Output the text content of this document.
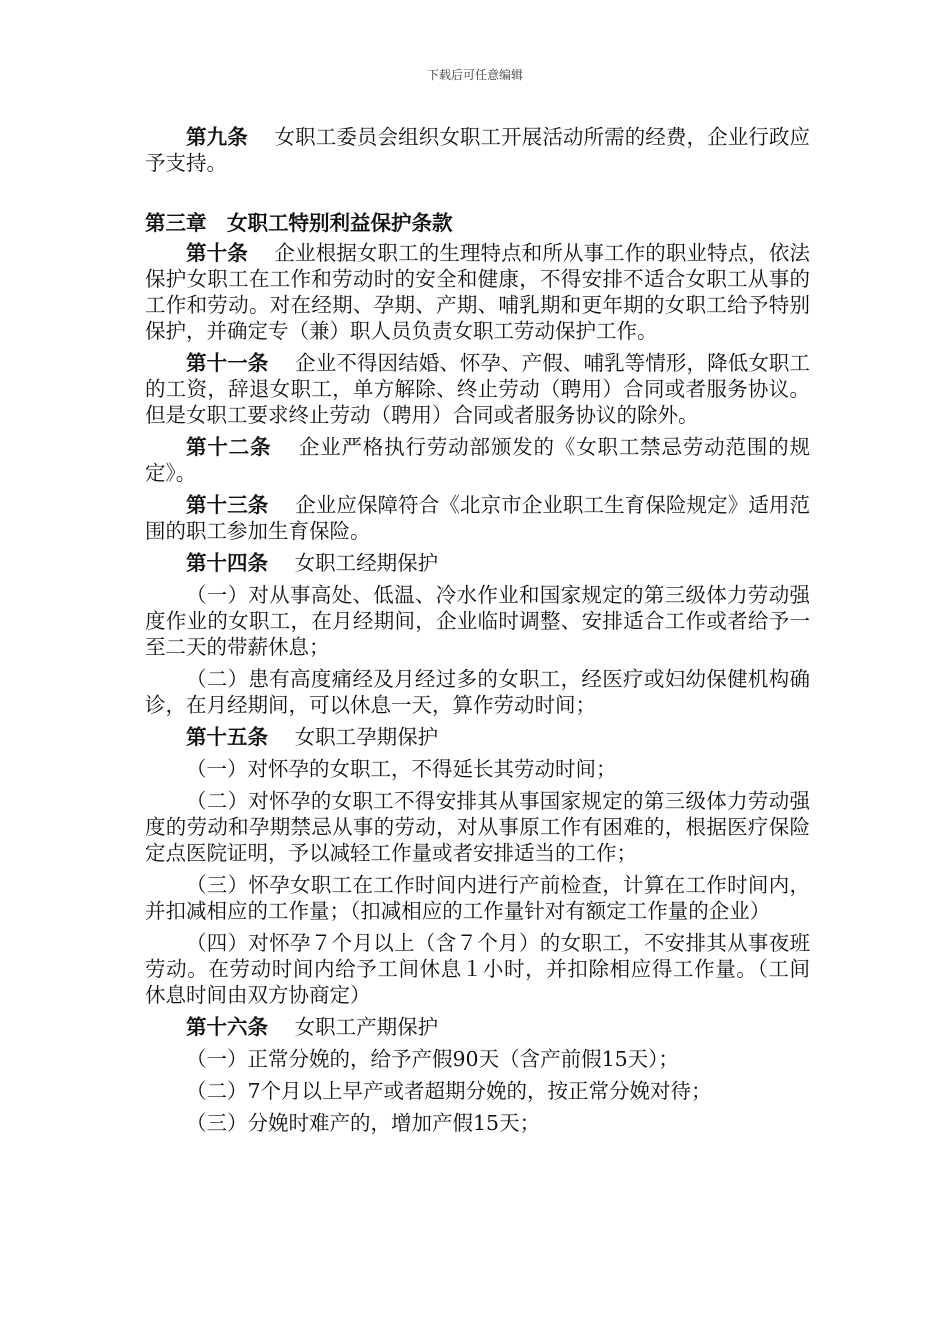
下载后可任意编辑

第九条 女职工委员会组织女职工开展活动所需的经费，企业行政应予支持。

第三章　女职工特别利益保护条款

第十条 企业根据女职工的生理特点和所从事工作的职业特点，依法保护女职工在工作和劳动时的安全和健康，不得安排不适合女职工从事的工作和劳动。对在经期、孕期、产期、哺乳期和更年期的女职工给予特别保护，并确定专（兼）职人员负责女职工劳动保护工作。

第十一条 企业不得因结婚、怀孕、产假、哺乳等情形，降低女职工的工资，辞退女职工，单方解除、终止劳动（聘用）合同或者服务协议。但是女职工要求终止劳动（聘用）合同或者服务协议的除外。

第十二条 企业严格执行劳动部颁发的《女职工禁忌劳动范围的规定》。

第十三条 企业应保障符合《北京市企业职工生育保险规定》适用范围的职工参加生育保险。

第十四条 女职工经期保护

（一）对从事高处、低温、冷水作业和国家规定的第三级体力劳动强度作业的女职工，在月经期间，企业临时调整、安排适合工作或者给予一至二天的带薪休息；

（二）患有高度痛经及月经过多的女职工，经医疗或妇幼保健机构确诊，在月经期间，可以休息一天，算作劳动时间；

第十五条 女职工孕期保护

（一）对怀孕的女职工，不得延长其劳动时间；

（二）对怀孕的女职工不得安排其从事国家规定的第三级体力劳动强度的劳动和孕期禁忌从事的劳动，对从事原工作有困难的，根据医疗保险定点医院证明，予以减轻工作量或者安排适当的工作；

（三）怀孕女职工在工作时间内进行产前检查，计算在工作时间内，并扣减相应的工作量；（扣减相应的工作量针对有额定工作量的企业）

（四）对怀孕７个月以上（含７个月）的女职工，不安排其从事夜班劳动。在劳动时间内给予工间休息１小时，并扣除相应得工作量。（工间休息时间由双方协商定）

第十六条 女职工产期保护

（一）正常分娩的，给予产假90天（含产前假15天）；

（二）7个月以上早产或者超期分娩的，按正常分娩对待；

（三）分娩时难产的，增加产假15天；
